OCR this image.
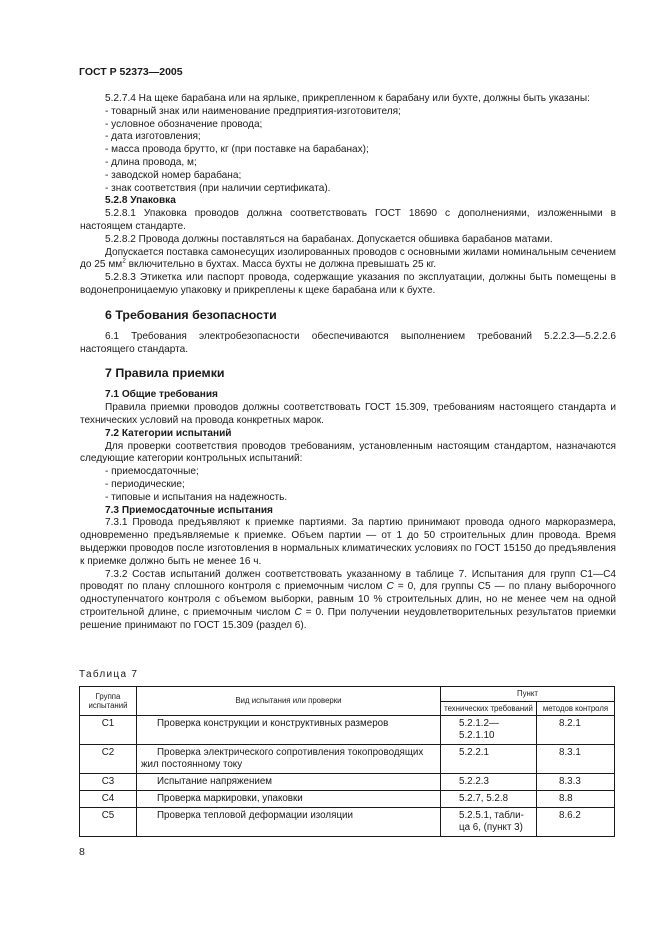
ГОСТ Р 52373—2005
5.2.7.4 На щеке барабана или на ярлыке, прикрепленном к барабану или бухте, должны быть указаны:
- товарный знак или наименование предприятия-изготовителя;
- условное обозначение провода;
- дата изготовления;
- масса провода брутто, кг (при поставке на барабанах);
- длина провода, м;
- заводской номер барабана;
- знак соответствия (при наличии сертификата).
5.2.8 Упаковка
5.2.8.1 Упаковка проводов должна соответствовать ГОСТ 18690 с дополнениями, изложенными в настоящем стандарте.
5.2.8.2 Провода должны поставляться на барабанах. Допускается обшивка барабанов матами.
Допускается поставка самонесущих изолированных проводов с основными жилами номинальным сечением до 25 $мм^2$ включительно в бухтах. Масса бухты не должна превышать 25 кг.
5.2.8.3 Этикетка или паспорт провода, содержащие указания по эксплуатации, должны быть помещены в водонепроницаемую упаковку и прикреплены к щеке барабана или к бухте.
6 Требования безопасности
6.1 Требования электробезопасности обеспечиваются выполнением требований 5.2.2.3—5.2.2.6 настоящего стандарта.
7 Правила приемки
7.1 Общие требования
Правила приемки проводов должны соответствовать ГОСТ 15.309, требованиям настоящего стандарта и технических условий на провода конкретных марок.
7.2 Категории испытаний
Для проверки соответствия проводов требованиям, установленным настоящим стандартом, назначаются следующие категории контрольных испытаний:
- приемосдаточные;
- периодические;
- типовые и испытания на надежность.
7.3 Приемосдаточные испытания
7.3.1 Провода предъявляют к приемке партиями. За партию принимают провода одного маркоразмера, одновременно предъявляемые к приемке. Объем партии — от 1 до 50 строительных длин провода. Время выдержки проводов после изготовления в нормальных климатических условиях по ГОСТ 15150 до предъявления к приемке должно быть не менее 16 ч.
7.3.2 Состав испытаний должен соответствовать указанному в таблице 7. Испытания для групп С1—С4 проводят по плану сплошного контроля с приемочным числом С = 0, для группы С5 — по плану выборочного одноступенчатого контроля с объемом выборки, равным 10 % строительных длин, но не менее чем на одной строительной длине, с приемочным числом С = 0. При получении неудовлетворительных результатов приемки решение принимают по ГОСТ 15.309 (раздел 6).
Таблица 7
Группа испытаний	Вид испытания или проверки	Пункт	
		технических требований	методов контроля
С1	Проверка конструкции и конструктивных размеров	5.2.1.2—5.2.1.10	8.2.1
С2	Проверка электрического сопротивления токопроводящих жил постоянному току	5.2.2.1	8.3.1
С3	Испытание напряжением	5.2.2.3	8.3.3
С4	Проверка маркировки, упаковки	5.2.7, 5.2.8	8.8
С5	Проверка тепловой деформации изоляции	5.2.5.1, табли-ца 6, (пункт 3)	8.6.2
8
